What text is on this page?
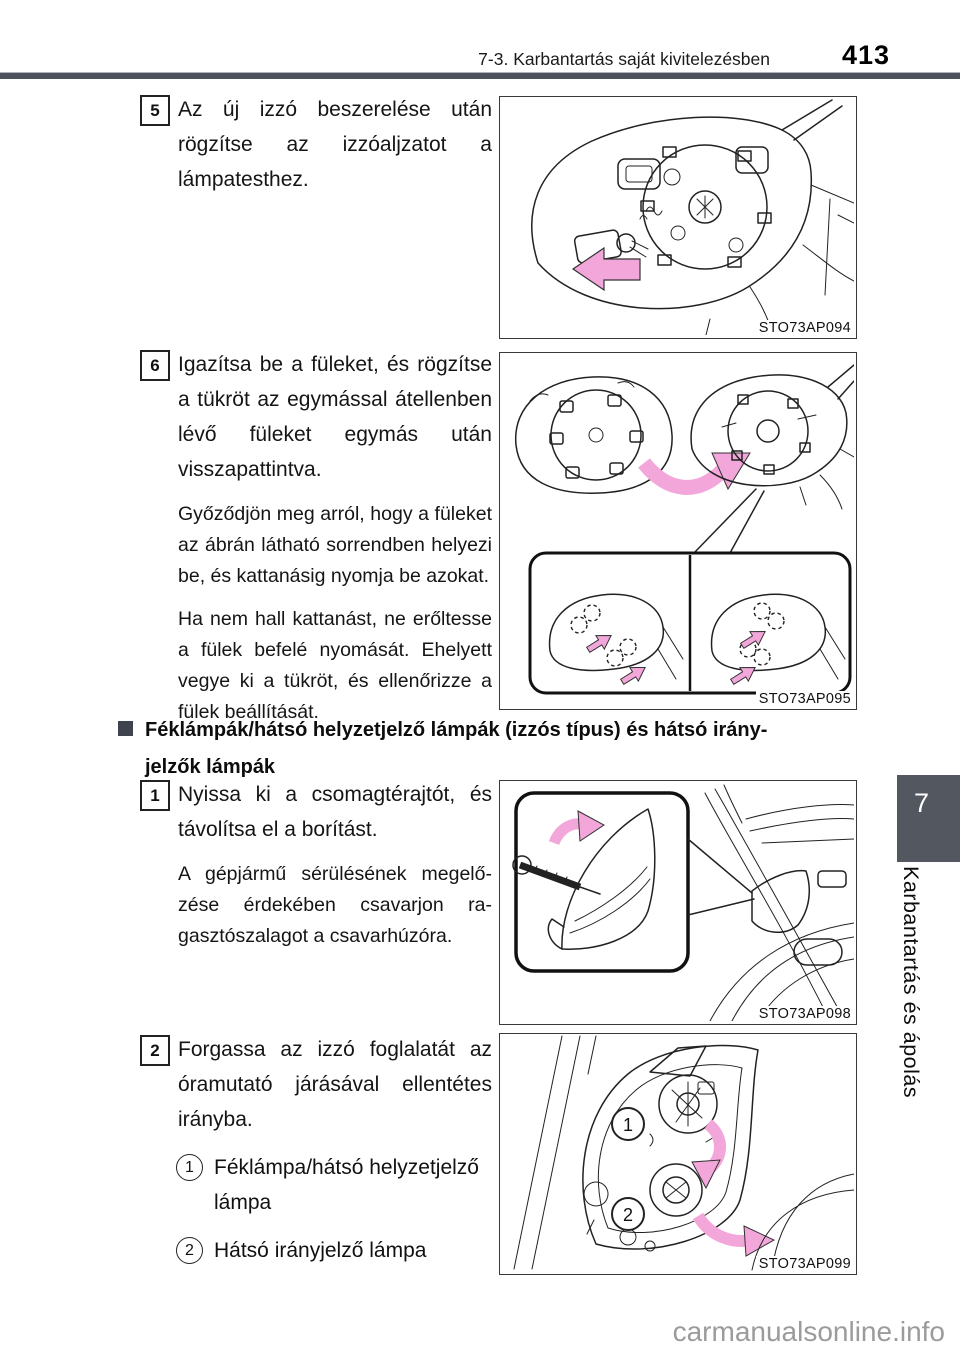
7-3. Karbantartás saját kivitelezésben	413
5 Az új izzó beszerelése után rögzítse az izzóaljzatot a lámpatesthez.

STO73AP094
6 Igazítsa be a füleket, és rögzítse a tükröt az egymással átellenben lévő füleket egymás után visszapattintva.

Győződjön meg arról, hogy a füleket az ábrán látható sorrendben helyezi be, és kattanásig nyomja be azokat.

Ha nem hall kattanást, ne erőltesse a fülek befelé nyomását. Ehelyett vegye ki a tükröt, és ellenőrizze a fülek beállítását.

STO73AP095
Féklámpák/hátsó helyzetjelző lámpák (izzós típus) és hátsó irány-
jelzők lámpák
1 Nyissa ki a csomagtérajtót, és távolítsa el a borítást.

A gépjármű sérülésének megelőzése érdekében csavarjon ragasztószalagot a csavarhúzóra.

STO73AP098
2 Forgassa az izzó foglalatát az óramutató járásával ellentétes irányba.

1 Féklámpa/hátsó helyzetjelző lámpa
2 Hátsó irányjelző lámpa
1
2
STO73AP099
7
Karbantartás és ápolás
carmanualsonline.info
